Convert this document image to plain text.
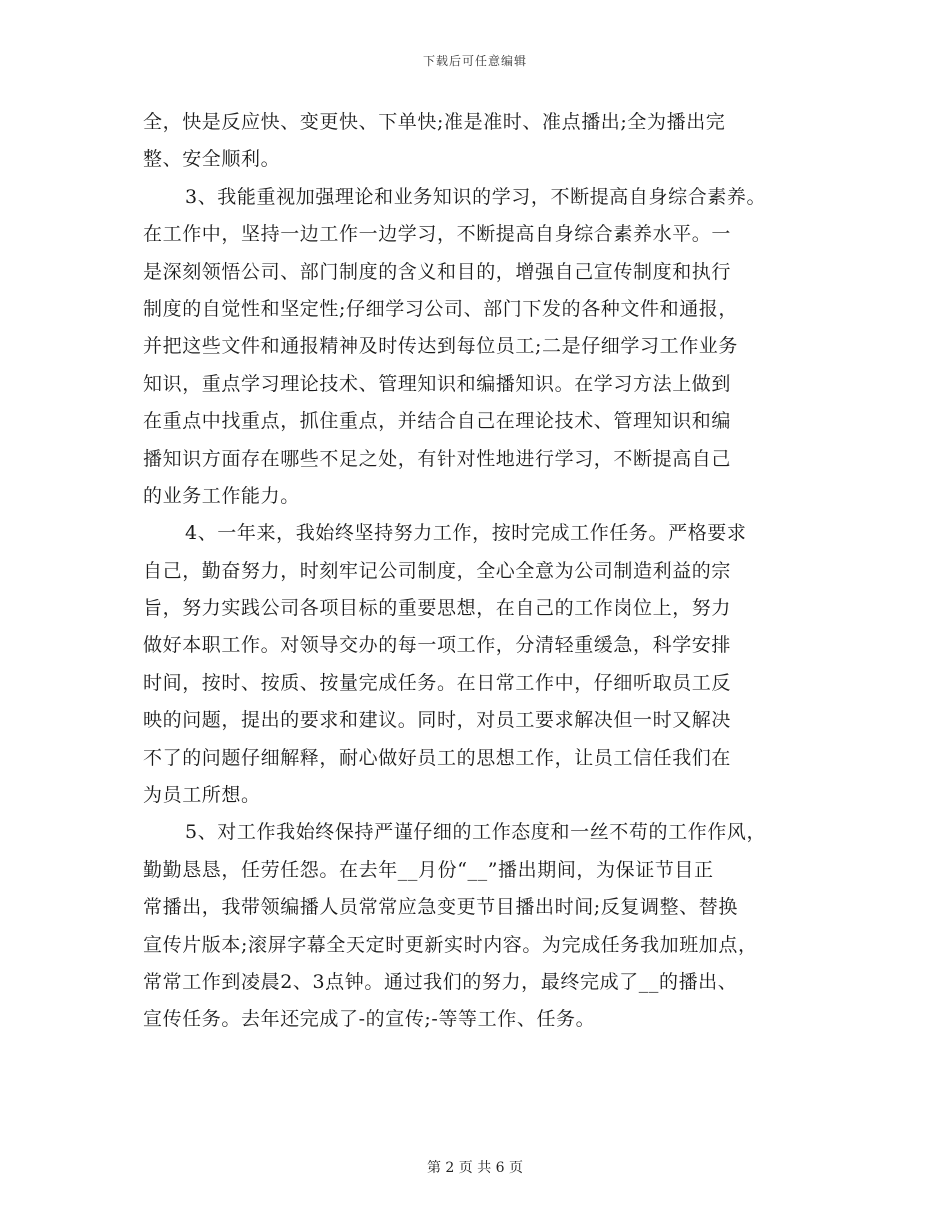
下载后可任意编辑
全，快是反应快、变更快、下单快;准是准时、准点播出;全为播出完
整、安全顺利。
3、我能重视加强理论和业务知识的学习，不断提高自身综合素养。
在工作中，坚持一边工作一边学习，不断提高自身综合素养水平。一
是深刻领悟公司、部门制度的含义和目的，增强自己宣传制度和执行
制度的自觉性和坚定性;仔细学习公司、部门下发的各种文件和通报，
并把这些文件和通报精神及时传达到每位员工;二是仔细学习工作业务
知识，重点学习理论技术、管理知识和编播知识。在学习方法上做到
在重点中找重点，抓住重点，并结合自己在理论技术、管理知识和编
播知识方面存在哪些不足之处，有针对性地进行学习，不断提高自己
的业务工作能力。
4、一年来，我始终坚持努力工作，按时完成工作任务。严格要求
自己，勤奋努力，时刻牢记公司制度，全心全意为公司制造利益的宗
旨，努力实践公司各项目标的重要思想，在自己的工作岗位上，努力
做好本职工作。对领导交办的每一项工作，分清轻重缓急，科学安排
时间，按时、按质、按量完成任务。在日常工作中，仔细听取员工反
映的问题，提出的要求和建议。同时，对员工要求解决但一时又解决
不了的问题仔细解释，耐心做好员工的思想工作，让员工信任我们在
为员工所想。
5、对工作我始终保持严谨仔细的工作态度和一丝不苟的工作作风，
勤勤恳恳，任劳任怨。在去年__月份“__”播出期间，为保证节目正
常播出，我带领编播人员常常应急变更节目播出时间;反复调整、替换
宣传片版本;滚屏字幕全天定时更新实时内容。为完成任务我加班加点，
常常工作到凌晨2、3点钟。通过我们的努力，最终完成了__的播出、
宣传任务。去年还完成了-的宣传;-等等工作、任务。
第 2 页 共 6 页
